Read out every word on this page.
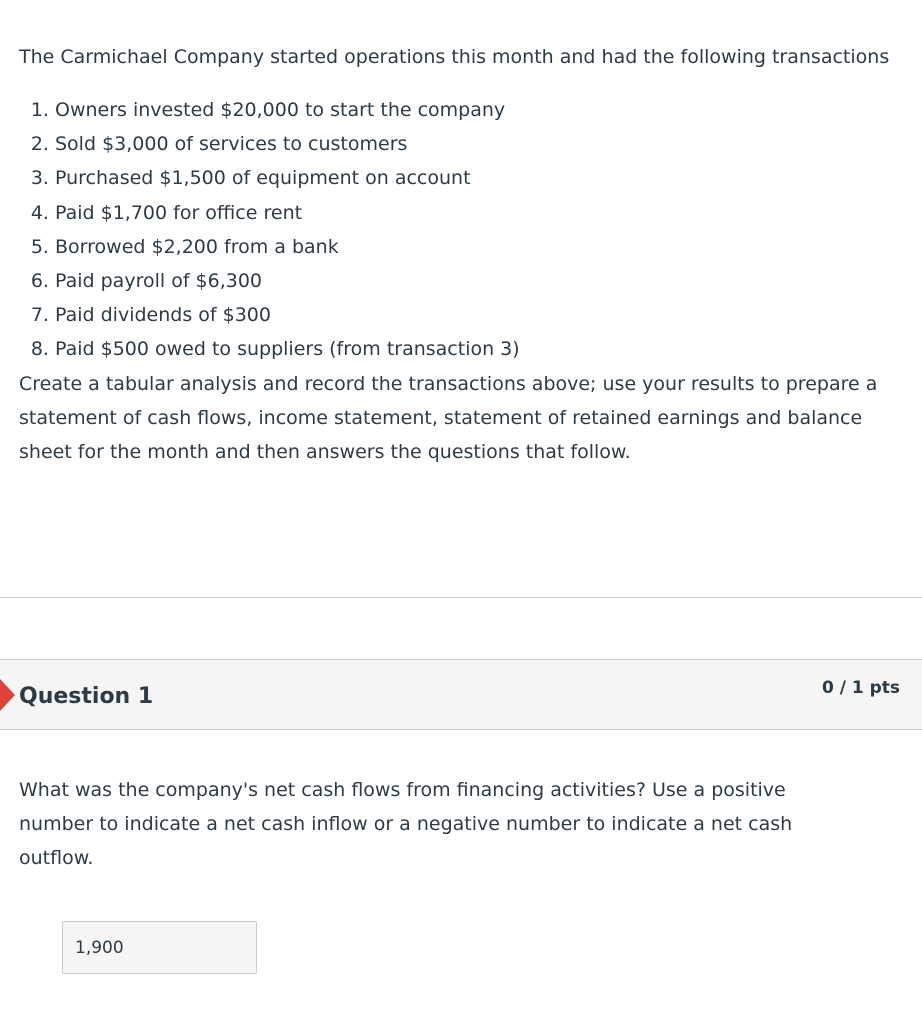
The Carmichael Company started operations this month and had the following transactions

1. Owners invested $20,000 to start the company
2. Sold $3,000 of services to customers
3. Purchased $1,500 of equipment on account
4. Paid $1,700 for office rent
5. Borrowed $2,200 from a bank
6. Paid payroll of $6,300
7. Paid dividends of $300
8. Paid $500 owed to suppliers (from transaction 3)

Create a tabular analysis and record the transactions above; use your results to prepare a statement of cash flows, income statement, statement of retained earnings and balance sheet for the month and then answers the questions that follow.

Question 1	0 / 1 pts

What was the company's net cash flows from financing activities? Use a positive number to indicate a net cash inflow or a negative number to indicate a net cash outflow.

1,900
